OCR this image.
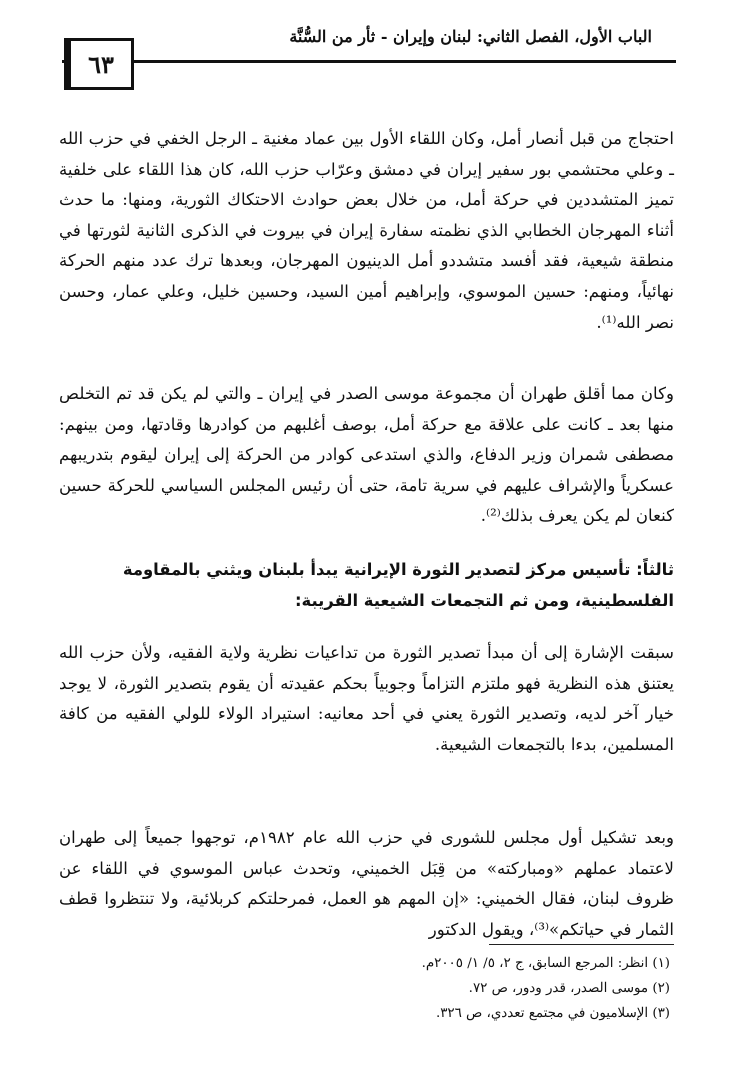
الباب الأول، الفصل الثاني: لبنان وإيران - ثأر من السُّنَّة
٦٣

احتجاج من قبل أنصار أمل، وكان اللقاء الأول بين عماد مغنية ـ الرجل الخفي في حزب الله ـ وعلي محتشمي بور سفير إيران في دمشق وعرّاب حزب الله، كان هذا اللقاء على خلفية تميز المتشددين في حركة أمل، من خلال بعض حوادث الاحتكاك الثورية، ومنها: ما حدث أثناء المهرجان الخطابي الذي نظمته سفارة إيران في بيروت في الذكرى الثانية لثورتها في منطقة شيعية، فقد أفسد متشددو أمل الدينيون المهرجان، وبعدها ترك عدد منهم الحركة نهائياً، ومنهم: حسين الموسوي، وإبراهيم أمين السيد، وحسين خليل، وعلي عمار، وحسن نصر الله⁽¹⁾.

وكان مما أقلق طهران أن مجموعة موسى الصدر في إيران ـ والتي لم يكن قد تم التخلص منها بعد ـ كانت على علاقة مع حركة أمل، بوصف أغلبهم من كوادرها وقادتها، ومن بينهم: مصطفى شمران وزير الدفاع، والذي استدعى كوادر من الحركة إلى إيران ليقوم بتدريبهم عسكرياً والإشراف عليهم في سرية تامة، حتى أن رئيس المجلس السياسي للحركة حسين كنعان لم يكن يعرف بذلك⁽²⁾.

ثالثاً: تأسيس مركز لتصدير الثورة الإيرانية يبدأ بلبنان ويثني بالمقاومة الفلسطينية، ومن ثم التجمعات الشيعية القريبة:

سبقت الإشارة إلى أن مبدأ تصدير الثورة من تداعيات نظرية ولاية الفقيه، ولأن حزب الله يعتنق هذه النظرية فهو ملتزم التزاماً وجوبياً بحكم عقيدته أن يقوم بتصدير الثورة، لا يوجد خيار آخر لديه، وتصدير الثورة يعني في أحد معانيه: استيراد الولاء للولي الفقيه من كافة المسلمين، بدءا بالتجمعات الشيعية.

وبعد تشكيل أول مجلس للشورى في حزب الله عام ١٩٨٢م، توجهوا جميعاً إلى طهران لاعتماد عملهم «ومباركته» من قِبَل الخميني، وتحدث عباس الموسوي في اللقاء عن ظروف لبنان، فقال الخميني: «إن المهم هو العمل، فمرحلتكم كربلائية، ولا تنتظروا قطف الثمار في حياتكم»⁽³⁾، ويقول الدكتور

(١) انظر: المرجع السابق، ج ٢، ٥/ ١/ ٢٠٠٥م.
(٢) موسى الصدر، قدر ودور، ص ٧٢.
(٣) الإسلاميون في مجتمع تعددي، ص ٣٢٦.
